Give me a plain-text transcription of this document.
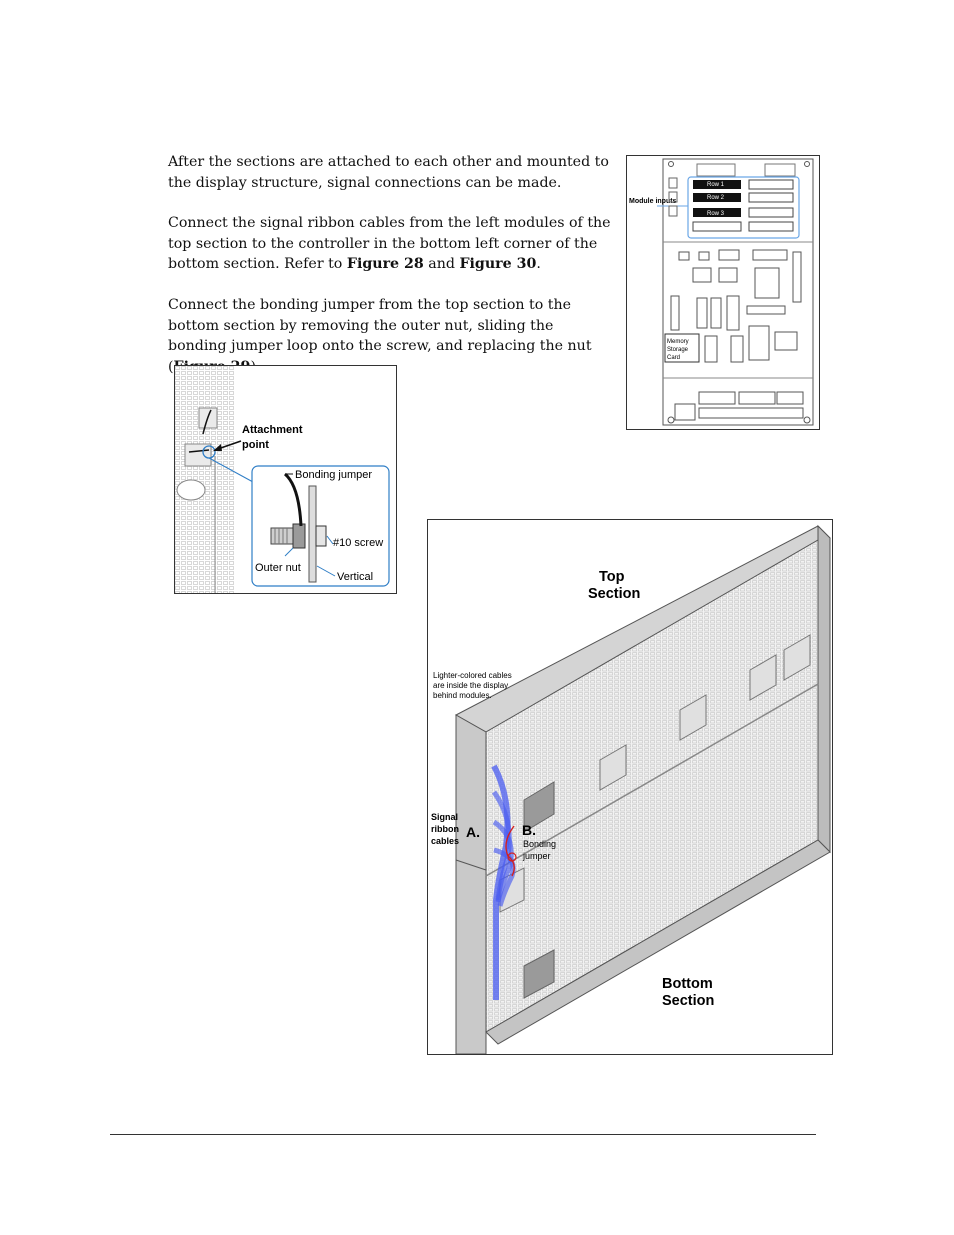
After the sections are attached to each other and mounted to the display structure, signal connections can be made.

Connect the signal ribbon cables from the left modules of the top section to the controller in the bottom left corner of the bottom section. Refer to Figure 28 and Figure 30.

Connect the bonding jumper from the top section to the bottom section by removing the outer nut, sliding the bonding jumper loop onto the screw, and replacing the nut (

Module inputs
Row 1
Row 2
Row 3
Memory
Storage
Card
Attachment
point
Bonding jumper
#10 screw
Outer nut
Vertical	Top
Section
Bottom
Section
Lighter-colored cables
are inside the display
behind modules.
Signal
ribbon
cables
A.	B.
Bonding
jumper
